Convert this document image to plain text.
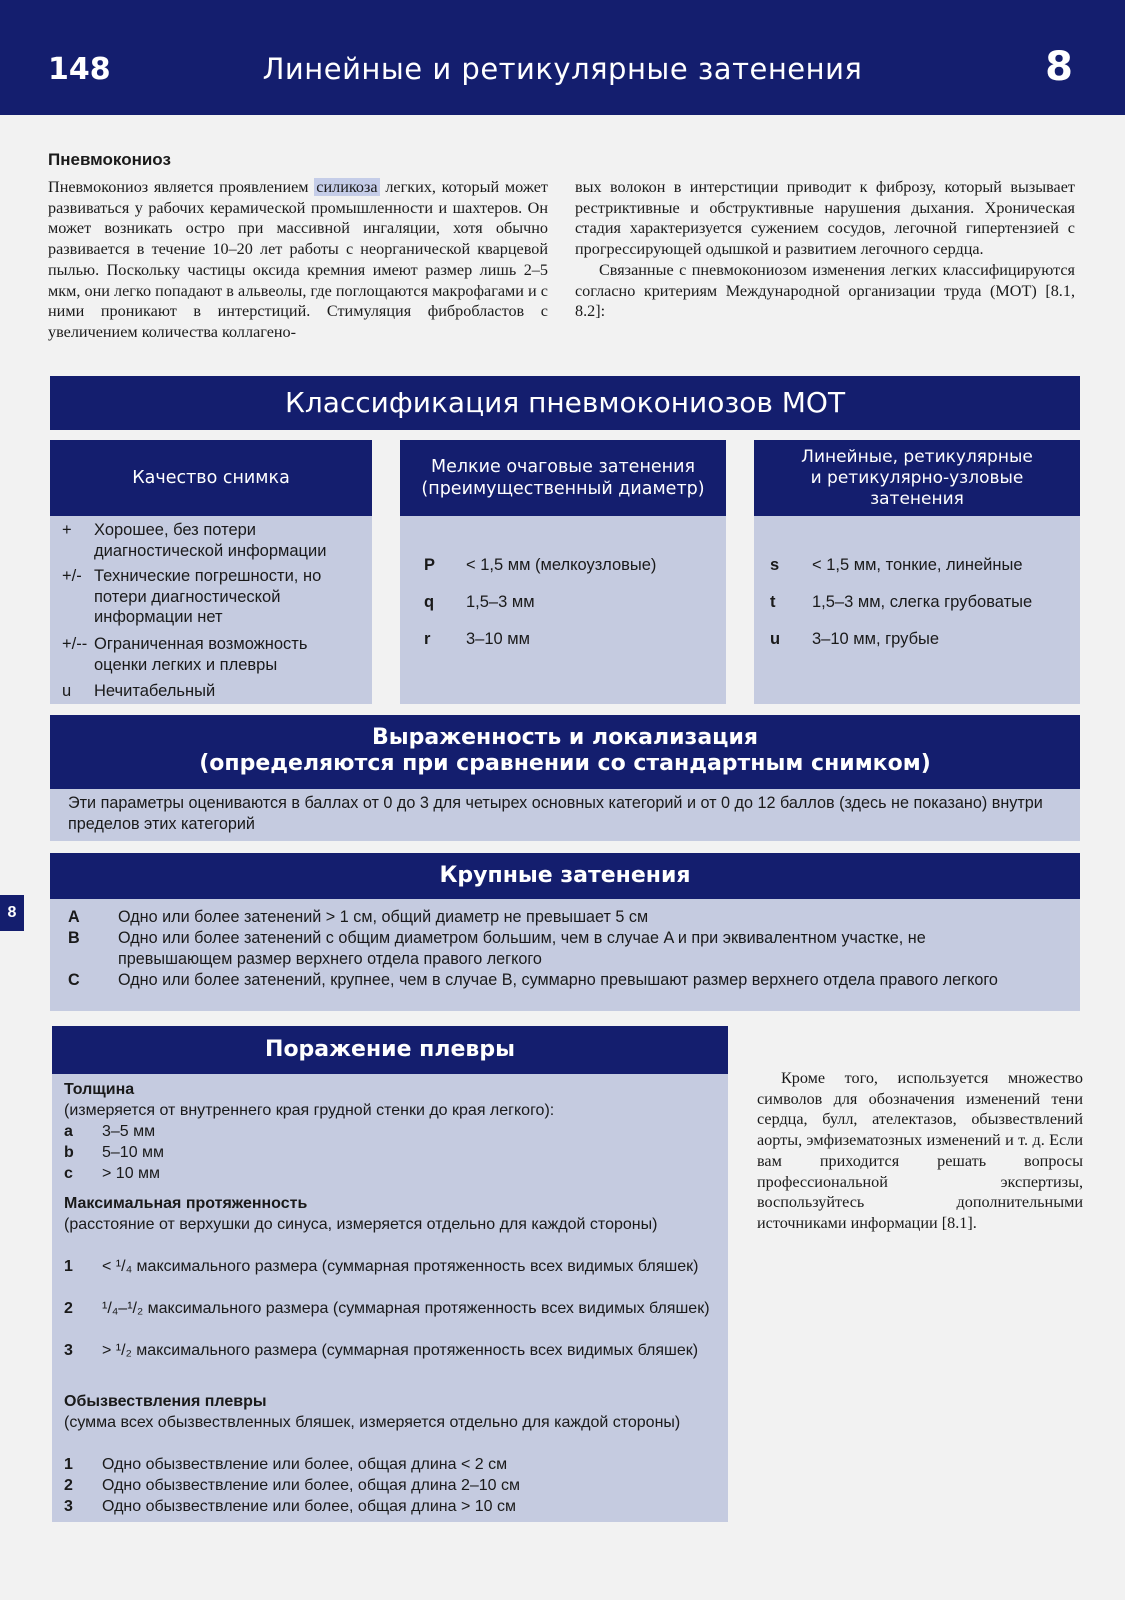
148	Линейные и ретикулярные затенения	8
8
Пневмокониоз

Пневмокониоз является проявлением силикоза легких, который может развиваться у рабочих керамической промышленности и шахтеров. Он может возникать остро при массивной ингаляции, хотя обычно развивается в течение 10–20 лет работы с неорганической кварцевой пылью. Поскольку частицы оксида кремния имеют размер лишь 2–5 мкм, они легко попадают в альвеолы, где поглощаются макрофагами и с ними проникают в интерстиций. Стимуляция фибробластов с увеличением количества коллагено-

вых волокон в интерстиции приводит к фиброзу, который вызывает рестриктивные и обструктивные нарушения дыхания. Хроническая стадия характеризуется сужением сосудов, легочной гипертензией с прогрессирующей одышкой и развитием легочного сердца.

Связанные с пневмокониозом изменения легких классифицируются согласно критериям Международной организации труда (МОТ) [8.1, 8.2]:

Классификация пневмокониозов МОТ
Качество снимка
+	Хорошее, без потери диагностической информации
+/- Технические погрешности, но потери диагностической информации нет
+/-- Ограниченная возможность оценки легких и плевры
u	Нечитабельный
Мелкие очаговые затенения
(преимущественный диаметр)
P < 1,5 мм (мелкоузловые)
q 1,5–3 мм
r 3–10 мм
Линейные, ретикулярные
и ретикулярно-узловые
затенения
s < 1,5 мм, тонкие, линейные
t 1,5–3 мм, слегка грубоватые
u 3–10 мм, грубые
Выраженность и локализация
(определяются при сравнении со стандартным снимком)
Эти параметры оцениваются в баллах от 0 до 3 для четырех основных категорий и от 0 до 12 баллов (здесь не показано) внутри пределов этих категорий
Крупные затенения
A Одно или более затенений > 1 см, общий диаметр не превышает 5 см
B Одно или более затенений с общим диаметром большим, чем в случае A и при эквивалентном участке, не превышающем размер верхнего отдела правого легкого
C Одно или более затенений, крупнее, чем в случае B, суммарно превышают размер верхнего отдела правого легкого
Поражение плевры
Толщина
(измеряется от внутреннего края грудной стенки до края легкого):
a 3–5 мм
b 5–10 мм
c > 10 мм
Максимальная протяженность
(расстояние от верхушки до синуса, измеряется отдельно для каждой стороны)
1 < ¹/₄ максимального размера (суммарная протяженность всех видимых бляшек)
2 ¹/₄–¹/₂ максимального размера (суммарная протяженность всех видимых бляшек)
3 > ¹/₂ максимального размера (суммарная протяженность всех видимых бляшек)
Обызвествления плевры
(сумма всех обызвествленных бляшек, измеряется отдельно для каждой стороны)
1 Одно обызвествление или более, общая длина < 2 см
2 Одно обызвествление или более, общая длина 2–10 см
3 Одно обызвествление или более, общая длина > 10 см

Кроме того, используется множество символов для обозначения изменений тени сердца, булл, ателектазов, обызвествлений аорты, эмфизематозных изменений и т. д. Если вам приходится решать вопросы профессиональной экспертизы, воспользуйтесь дополнительными источниками информации [8.1].
